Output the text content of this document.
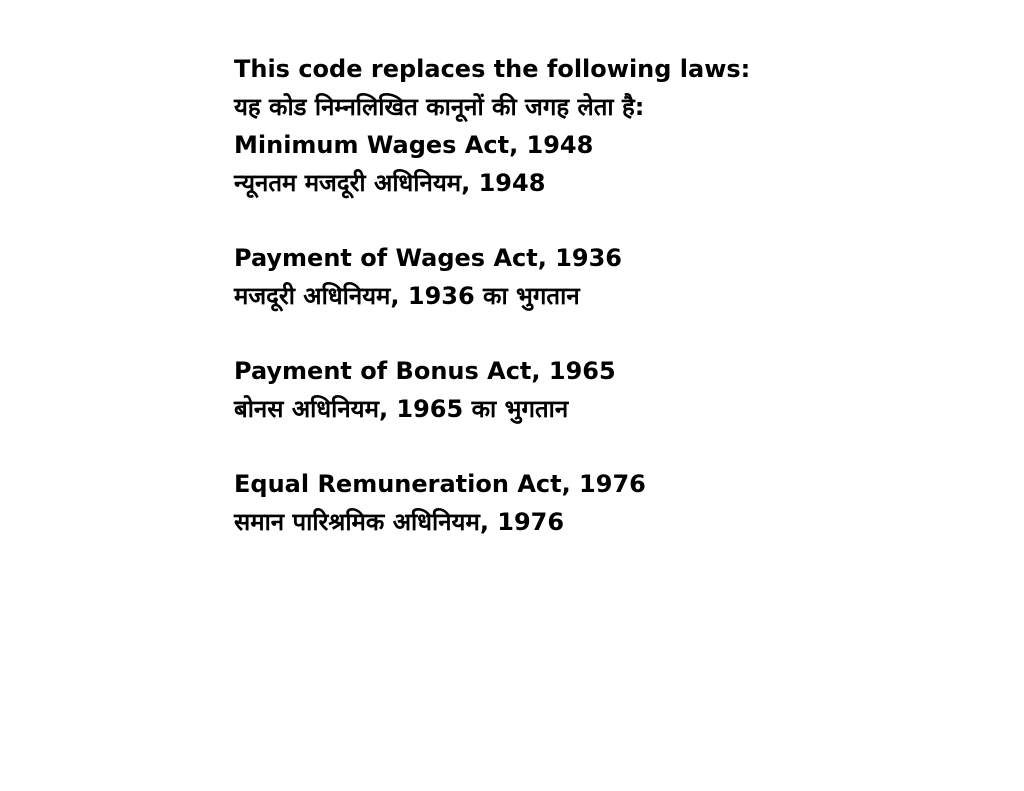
This code replaces the following laws:

यह कोड निम्नलिखित कानूनों की जगह लेता है:

Minimum Wages Act, 1948

न्यूनतम मजदूरी अधिनियम, 1948

Payment of Wages Act, 1936

मजदूरी अधिनियम, 1936 का भुगतान

Payment of Bonus Act, 1965

बोनस अधिनियम, 1965 का भुगतान

Equal Remuneration Act, 1976

समान पारिश्रमिक अधिनियम, 1976
